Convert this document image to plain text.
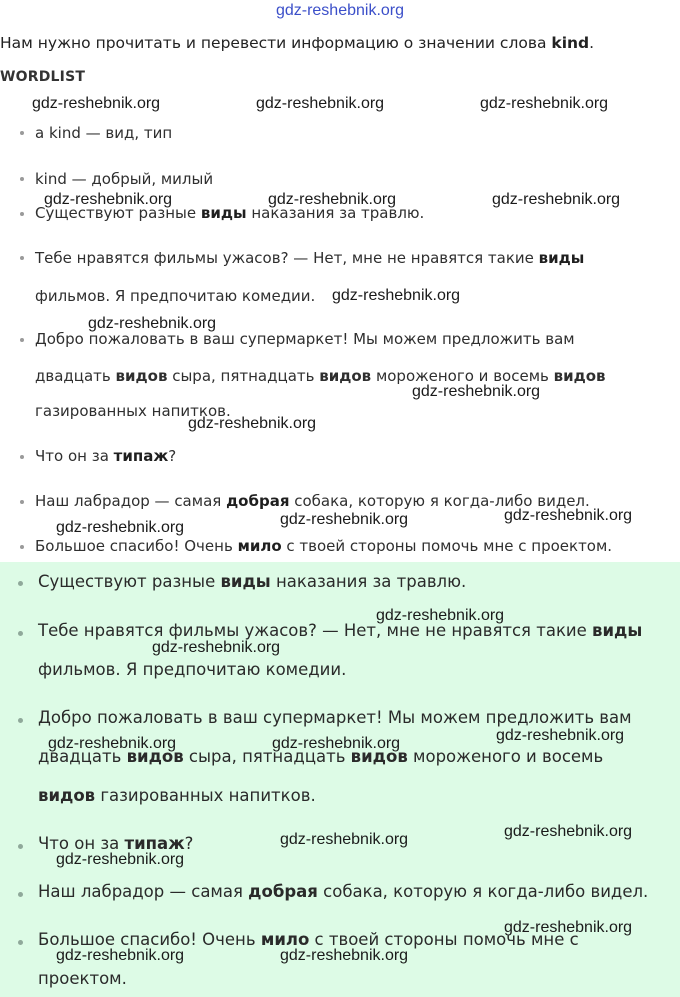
gdz-reshebnik.org
Нам нужно прочитать и перевести информацию о значении слова kind.
WORDLIST
a kind — вид, тип
kind — добрый, милый
Существуют разные виды наказания за травлю.
Тебе нравятся фильмы ужасов? — Нет, мне не нравятся такие виды
фильмов. Я предпочитаю комедии.
Добро пожаловать в ваш супермаркет! Мы можем предложить вам
двадцать видов сыра, пятнадцать видов мороженого и восемь видов
газированных напитков.
Что он за типаж?
Наш лабрадор — самая добрая собака, которую я когда-либо видел.
Большое спасибо! Очень мило с твоей стороны помочь мне с проектом.
Существуют разные виды наказания за травлю.
Тебе нравятся фильмы ужасов? — Нет, мне не нравятся такие виды
фильмов. Я предпочитаю комедии.
Добро пожаловать в ваш супермаркет! Мы можем предложить вам
двадцать видов сыра, пятнадцать видов мороженого и восемь
видов газированных напитков.
Что он за типаж?
Наш лабрадор — самая добрая собака, которую я когда-либо видел.
Большое спасибо! Очень мило с твоей стороны помочь мне с
проектом.
gdz-reshebnik.org	gdz-reshebnik.org	gdz-reshebnik.org
gdz-reshebnik.org	gdz-reshebnik.org	gdz-reshebnik.org
gdz-reshebnik.org
gdz-reshebnik.org
gdz-reshebnik.org
gdz-reshebnik.org
gdz-reshebnik.org
gdz-reshebnik.org
gdz-reshebnik.org
gdz-reshebnik.org
gdz-reshebnik.org
gdz-reshebnik.org
gdz-reshebnik.org	gdz-reshebnik.org
gdz-reshebnik.org
gdz-reshebnik.org
gdz-reshebnik.org
gdz-reshebnik.org
gdz-reshebnik.org	gdz-reshebnik.org
